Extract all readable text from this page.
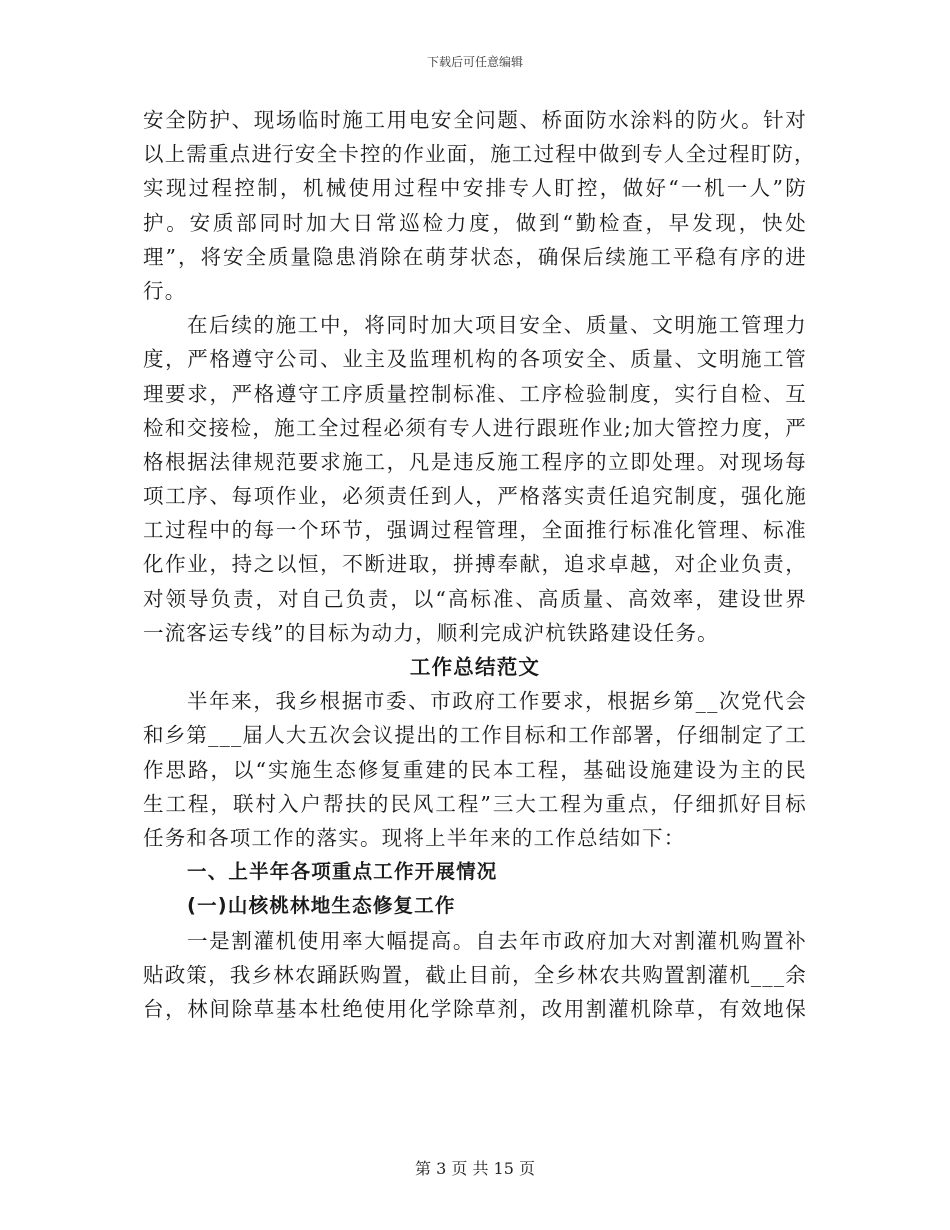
下载后可任意编辑
安全防护、现场临时施工用电安全问题、桥面防水涂料的防火。针对
以上需重点进行安全卡控的作业面，施工过程中做到专人全过程盯防，
实现过程控制，机械使用过程中安排专人盯控，做好“一机一人”防
护。安质部同时加大日常巡检力度，做到“勤检查，早发现，快处
理”，将安全质量隐患消除在萌芽状态，确保后续施工平稳有序的进
行。
在后续的施工中，将同时加大项目安全、质量、文明施工管理力
度，严格遵守公司、业主及监理机构的各项安全、质量、文明施工管
理要求，严格遵守工序质量控制标准、工序检验制度，实行自检、互
检和交接检，施工全过程必须有专人进行跟班作业;加大管控力度，严
格根据法律规范要求施工，凡是违反施工程序的立即处理。对现场每
项工序、每项作业，必须责任到人，严格落实责任追究制度，强化施
工过程中的每一个环节，强调过程管理，全面推行标准化管理、标准
化作业，持之以恒，不断进取，拼搏奉献，追求卓越，对企业负责，
对领导负责，对自己负责，以“高标准、高质量、高效率，建设世界
一流客运专线”的目标为动力，顺利完成沪杭铁路建设任务。
工作总结范文
半年来，我乡根据市委、市政府工作要求，根据乡第__次党代会
和乡第___届人大五次会议提出的工作目标和工作部署，仔细制定了工
作思路，以“实施生态修复重建的民本工程，基础设施建设为主的民
生工程，联村入户帮扶的民风工程”三大工程为重点，仔细抓好目标
任务和各项工作的落实。现将上半年来的工作总结如下：
一、上半年各项重点工作开展情况
(一)山核桃林地生态修复工作
一是割灌机使用率大幅提高。自去年市政府加大对割灌机购置补
贴政策，我乡林农踊跃购置，截止目前，全乡林农共购置割灌机___余
台，林间除草基本杜绝使用化学除草剂，改用割灌机除草，有效地保
第 3 页 共 15 页
